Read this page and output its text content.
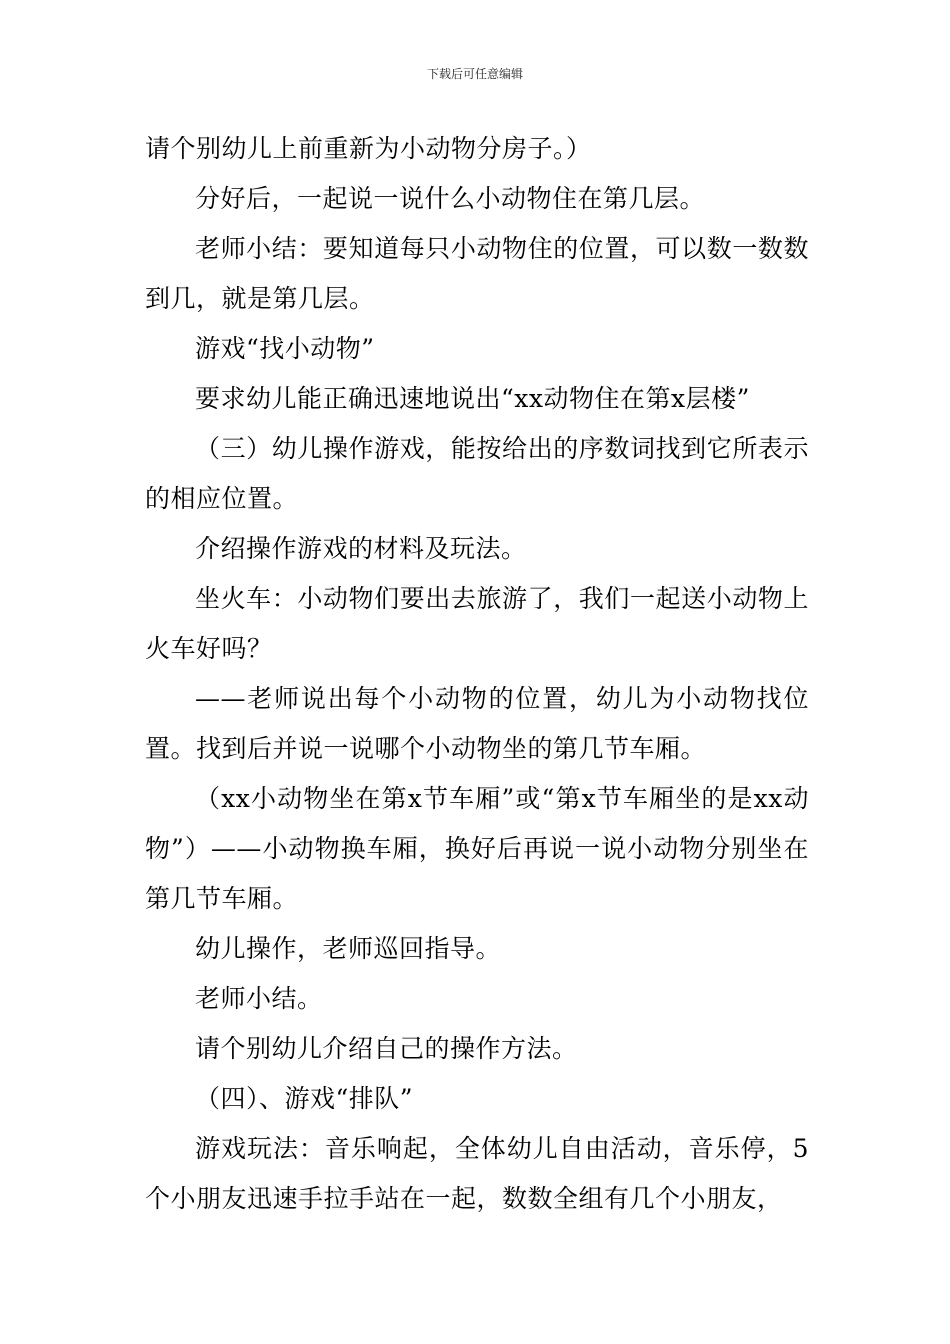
下载后可任意编辑

请个别幼儿上前重新为小动物分房子。）

分好后，一起说一说什么小动物住在第几层。

老师小结：要知道每只小动物住的位置，可以数一数数到几，就是第几层。

游戏“找小动物”

要求幼儿能正确迅速地说出“xx动物住在第x层楼”

（三）幼儿操作游戏，能按给出的序数词找到它所表示的相应位置。

介绍操作游戏的材料及玩法。

坐火车：小动物们要出去旅游了，我们一起送小动物上火车好吗？

——老师说出每个小动物的位置，幼儿为小动物找位置。找到后并说一说哪个小动物坐的第几节车厢。

（xx小动物坐在第x节车厢”或“第x节车厢坐的是xx动物”）——小动物换车厢，换好后再说一说小动物分别坐在第几节车厢。

幼儿操作，老师巡回指导。

老师小结。

请个别幼儿介绍自己的操作方法。

（四）、游戏“排队”

游戏玩法：音乐响起，全体幼儿自由活动，音乐停，5个小朋友迅速手拉手站在一起，数数全组有几个小朋友，
